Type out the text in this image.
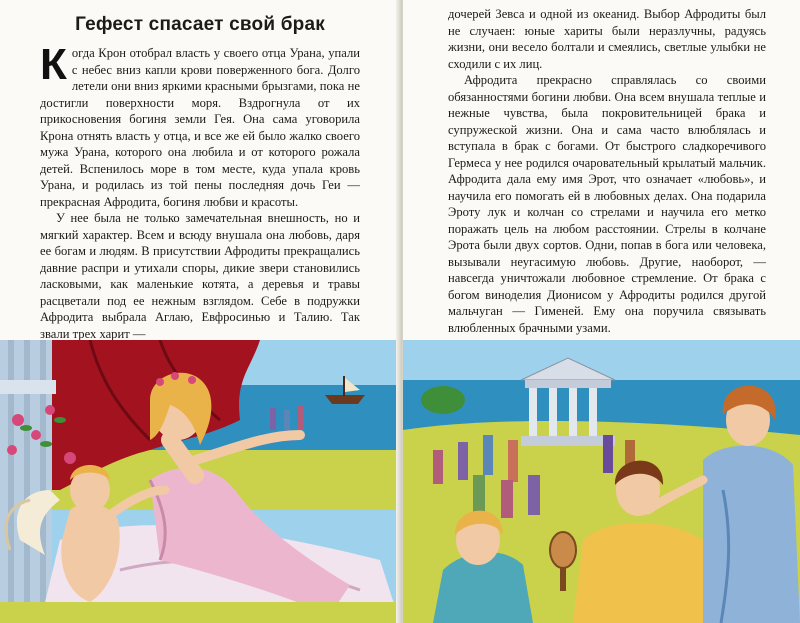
Гефест спасает свой брак

Когда Крон отобрал власть у своего отца Урана, упали с небес вниз капли крови поверженного бога. Долго летели они вниз яркими красными брызгами, пока не достигли поверхности моря. Вздрогнула от их прикосновения богиня земли Гея. Она сама уговорила Крона отнять власть у отца, и все же ей было жалко своего мужа Урана, которого она любила и от которого рожала детей. Вспенилось море в том месте, куда упала кровь Урана, и родилась из той пены последняя дочь Геи — прекрасная Афродита, богиня любви и красоты.

У нее была не только замечательная внешность, но и мягкий характер. Всем и всюду внушала она любовь, даря ее богам и людям. В присутствии Афродиты прекращались давние распри и утихали споры, дикие звери становились ласковыми, как маленькие котята, а деревья и травы расцветали под ее нежным взглядом. Себе в подружки Афродита выбрала Аглаю, Евфросинью и Талию. Так звали трех харит —

дочерей Зевса и одной из океанид. Выбор Афродиты был не случаен: юные хариты были неразлучны, радуясь жизни, они весело болтали и смеялись, светлые улыбки не сходили с их лиц.

Афродита прекрасно справлялась со своими обязанностями богини любви. Она всем внушала теплые и нежные чувства, была покровительницей брака и супружеской жизни. Она и сама часто влюблялась и вступала в брак с богами. От быстрого сладкоречивого Гермеса у нее родился очаровательный крылатый мальчик. Афродита дала ему имя Эрот, что означает «любовь», и научила его помогать ей в любовных делах. Она подарила Эроту лук и колчан со стрелами и научила его метко поражать цель на любом расстоянии. Стрелы в колчане Эрота были двух сортов. Одни, попав в бога или человека, вызывали неугасимую любовь. Другие, наоборот, — навсегда уничтожали любовное стремление. От брака с богом виноделия Дионисом у Афродиты родился другой мальчуган — Гименей. Ему она поручила связывать влюбленных брачными узами.
